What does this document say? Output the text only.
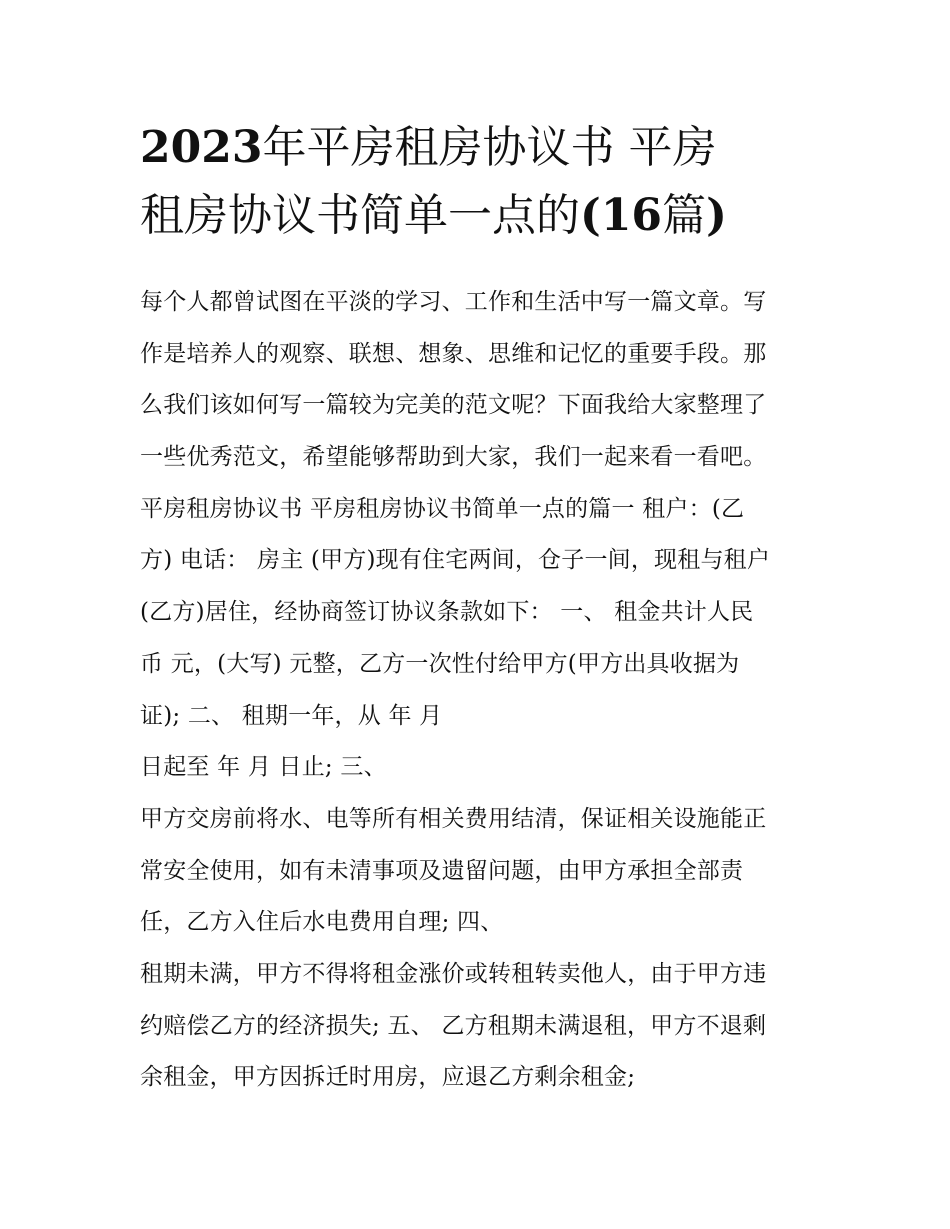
2023年平房租房协议书 平房
租房协议书简单一点的(16篇)
每个人都曾试图在平淡的学习、工作和生活中写一篇文章。写
作是培养人的观察、联想、想象、思维和记忆的重要手段。那
么我们该如何写一篇较为完美的范文呢？下面我给大家整理了
一些优秀范文，希望能够帮助到大家，我们一起来看一看吧。
平房租房协议书 平房租房协议书简单一点的篇一 租户：(乙
方) 电话： 房主 (甲方)现有住宅两间，仓子一间，现租与租户
(乙方)居住，经协商签订协议条款如下： 一、 租金共计人民
币 元，(大写) 元整，乙方一次性付给甲方(甲方出具收据为
证); 二、 租期一年，从 年 月
日起至 年 月 日止; 三、
甲方交房前将水、电等所有相关费用结清，保证相关设施能正
常安全使用，如有未清事项及遗留问题，由甲方承担全部责
任，乙方入住后水电费用自理; 四、
租期未满，甲方不得将租金涨价或转租转卖他人，由于甲方违
约赔偿乙方的经济损失; 五、 乙方租期未满退租，甲方不退剩
余租金，甲方因拆迁时用房，应退乙方剩余租金;
